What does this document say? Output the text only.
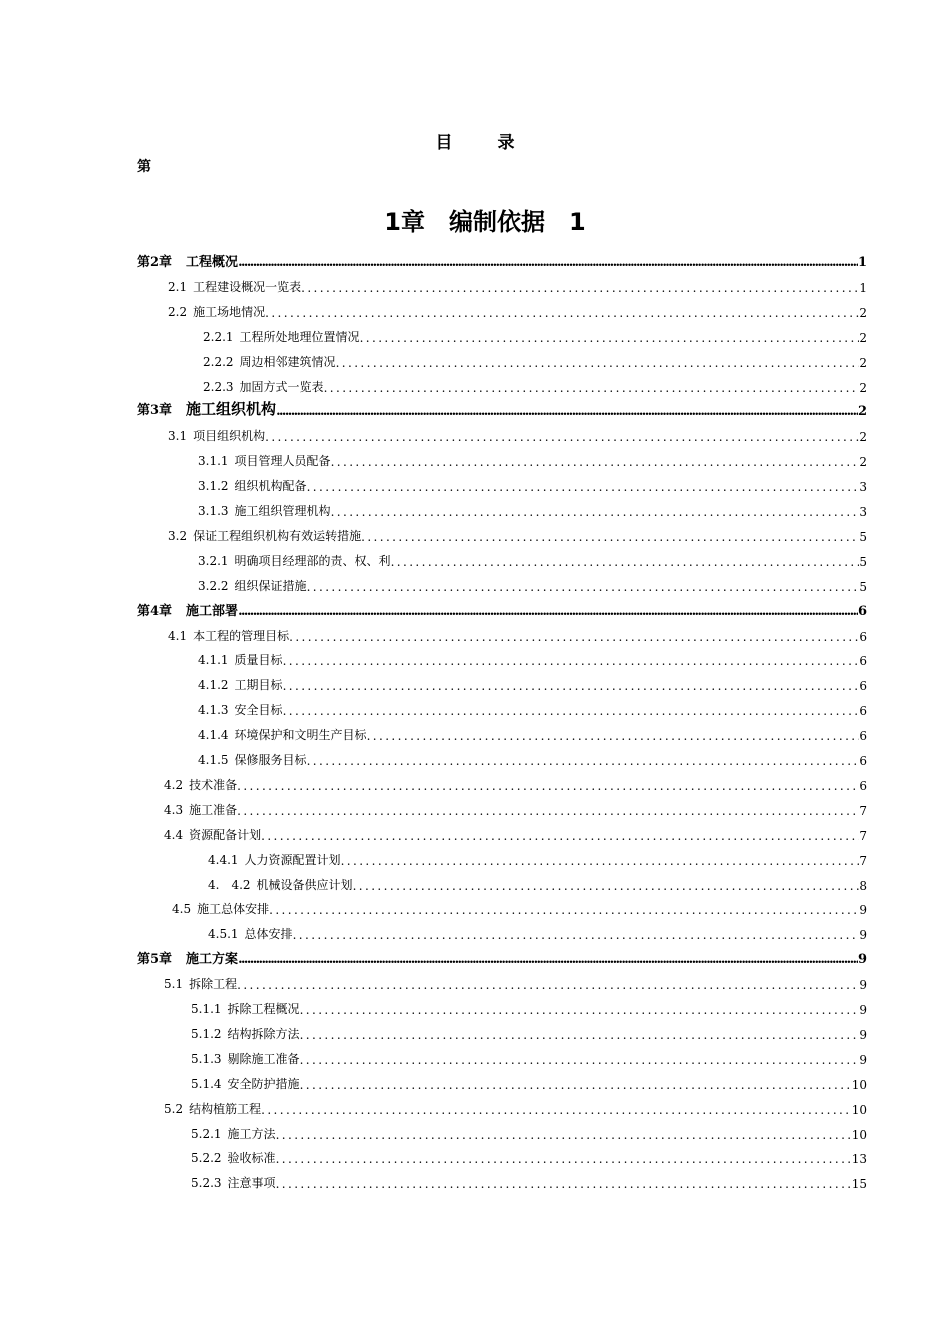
目　录
第
1章　编制依据　1
第2章 工程概况 .....	1
2.1 工程建设概况一览表 .....	1
2.2 施工场地情况 .....	2
2.2.1 工程所处地理位置情况 .....	2
2.2.2 周边相邻建筑情况 .....	2
2.2.3 加固方式一览表 .....	2
第3章 施工组织机构 .....	2
3.1 项目组织机构 .....	2
3.1.1 项目管理人员配备 .....	2
3.1.2 组织机构配备 .....	3
3.1.3 施工组织管理机构 .....	3
3.2 保证工程组织机构有效运转措施 .....	5
3.2.1 明确项目经理部的责、权、利 .....	5
3.2.2 组织保证措施 .....	5
第4章 施工部署 .....	6
4.1 本工程的管理目标 .....	6
4.1.1 质量目标 .....	6
4.1.2 工期目标 .....	6
4.1.3 安全目标 .....	6
4.1.4 环境保护和文明生产目标 .....	6
4.1.5 保修服务目标 .....	6
4.2 技术准备 .....	6
4.3 施工准备 .....	7
4.4 资源配备计划 .....	7
4.4.1 人力资源配置计划 .....	7
4.　4.2 机械设备供应计划 .....	8
4.5 施工总体安排 .....	9
4.5.1 总体安排 .....	9
第5章 施工方案 .....	9
5.1 拆除工程 .....	9
5.1.1 拆除工程概况 .....	9
5.1.2 结构拆除方法 .....	9
5.1.3 剔除施工准备 .....	9
5.1.4 安全防护措施 .....	10
5.2 结构植筋工程 .....	10
5.2.1 施工方法 .....	10
5.2.2 验收标准 .....	13
5.2.3 注意事项 .....	15
